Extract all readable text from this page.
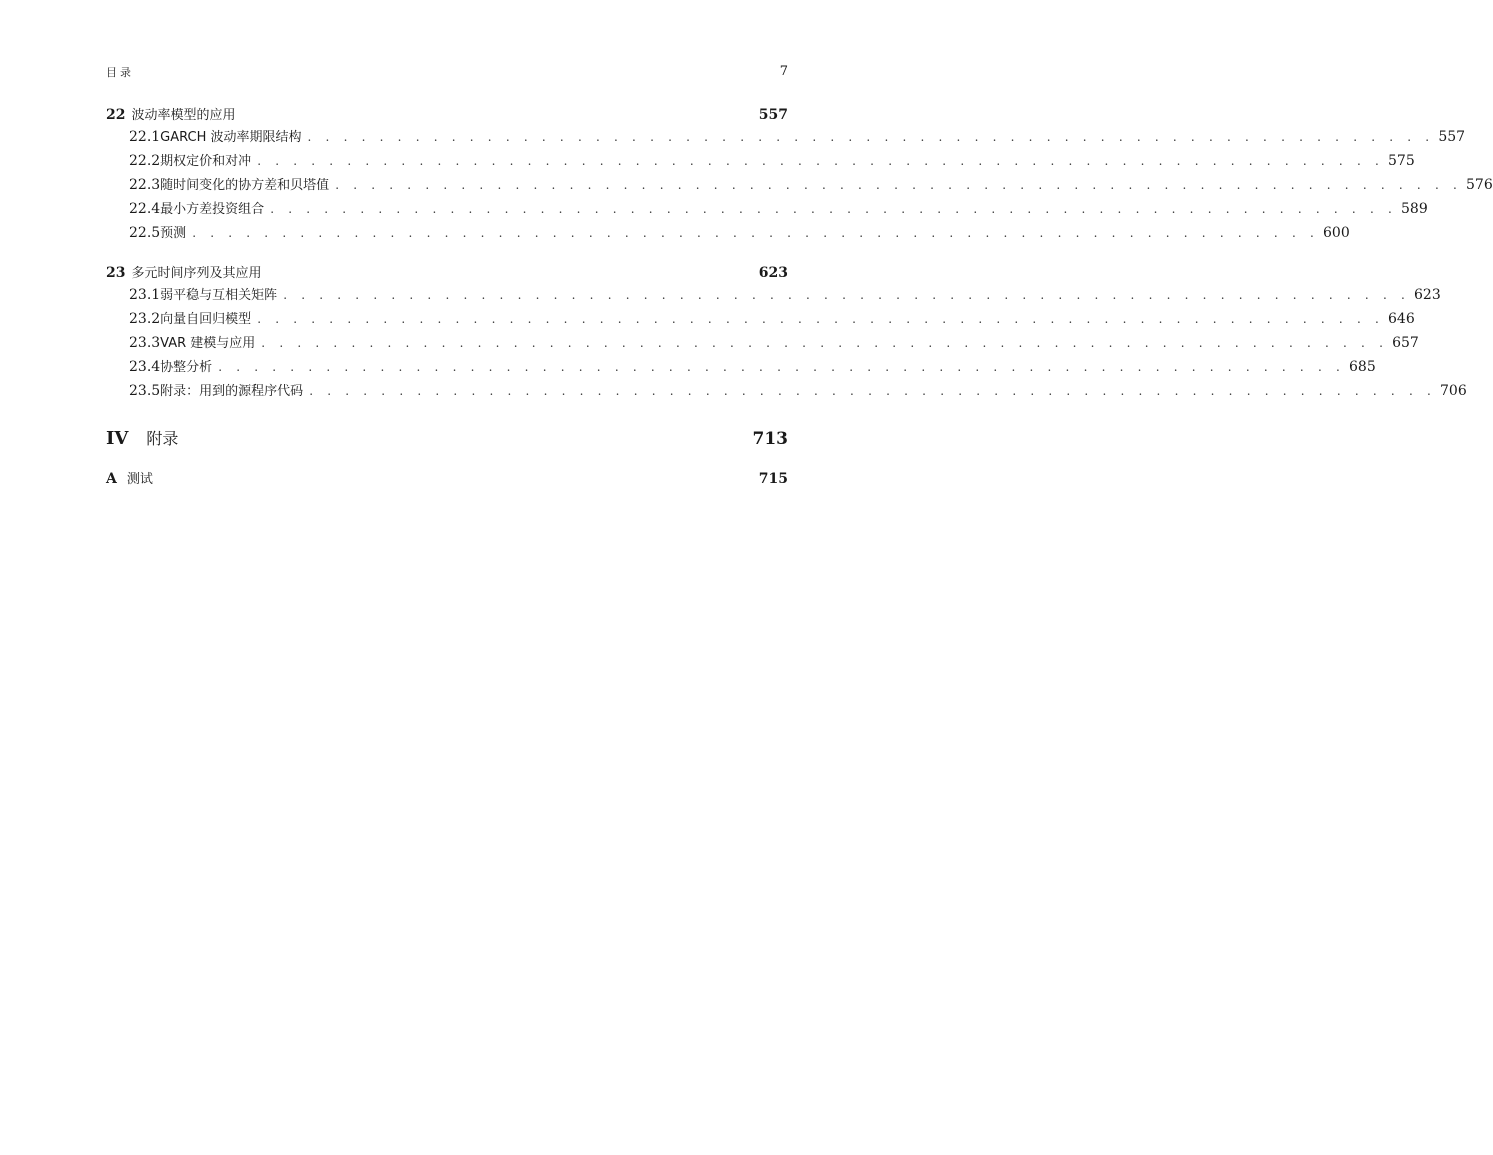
目录	7
22 波动率模型的应用	557
22.1 GARCH 波动率期限结构 . . . . . . . . . . . . . . . . . . . . . . . . . . . . . . . . . . . . . . . . . . . . . . . . . . . . . . . . . . . . . . . 557
22.2 期权定价和对冲 . . . . . . . . . . . . . . . . . . . . . . . . . . . . . . . . . . . . . . . . . . . . . . . . . . . . . . . . . . . . . . . 575
22.3 随时间变化的协方差和贝塔值 . . . . . . . . . . . . . . . . . . . . . . . . . . . . . . . . . . . . . . . . . . . . . . . . . . . . . . . . . . . . . . . 576
22.4 最小方差投资组合 . . . . . . . . . . . . . . . . . . . . . . . . . . . . . . . . . . . . . . . . . . . . . . . . . . . . . . . . . . . . . . . 589
22.5 预测 . . . . . . . . . . . . . . . . . . . . . . . . . . . . . . . . . . . . . . . . . . . . . . . . . . . . . . . . . . . . . . . 600
23 多元时间序列及其应用	623
23.1 弱平稳与互相关矩阵 . . . . . . . . . . . . . . . . . . . . . . . . . . . . . . . . . . . . . . . . . . . . . . . . . . . . . . . . . . . . . . . 623
23.2 向量自回归模型 . . . . . . . . . . . . . . . . . . . . . . . . . . . . . . . . . . . . . . . . . . . . . . . . . . . . . . . . . . . . . . . 646
23.3 VAR 建模与应用 . . . . . . . . . . . . . . . . . . . . . . . . . . . . . . . . . . . . . . . . . . . . . . . . . . . . . . . . . . . . . . . 657
23.4 协整分析 . . . . . . . . . . . . . . . . . . . . . . . . . . . . . . . . . . . . . . . . . . . . . . . . . . . . . . . . . . . . . . . 685
23.5 附录：用到的源程序代码 . . . . . . . . . . . . . . . . . . . . . . . . . . . . . . . . . . . . . . . . . . . . . . . . . . . . . . . . . . . . . . . 706
IV 附录	713
A 测试	715
